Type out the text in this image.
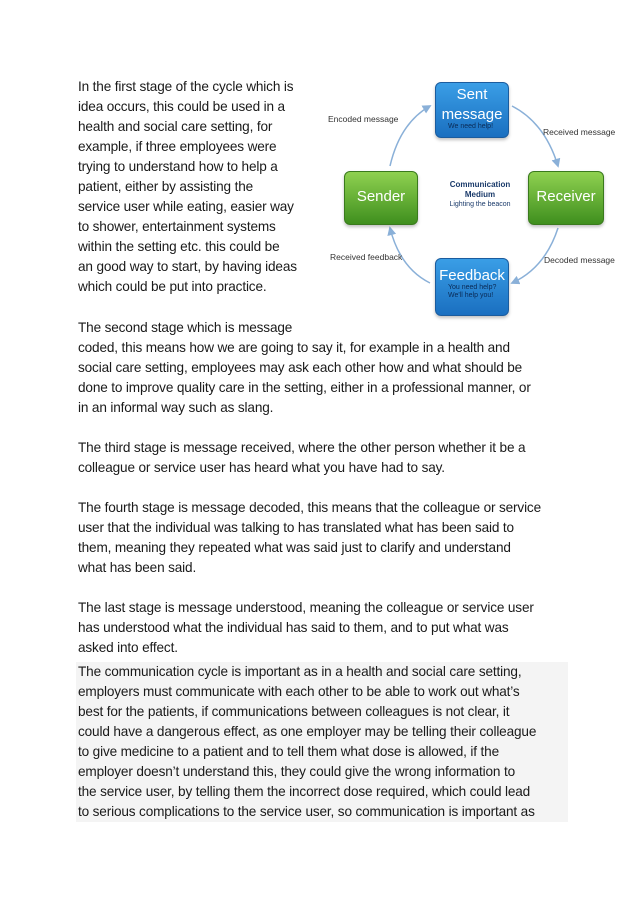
In the first stage of the cycle which is
idea occurs, this could be used in a
health and social care setting, for
example, if three employees were
trying to understand how to help a
patient, either by assisting the
service user while eating, easier way
to shower, entertainment systems
within the setting etc. this could be
an good way to start, by having ideas
which could be put into practice.
Encoded message
Received message
Decoded message
Received feedback
Sent
message
We need help!
Sender
Communication
Medium
Lighting the beacon	Receiver
Feedback
You need help?
We'll help you!
The second stage which is message
coded, this means how we are going to say it, for example in a health and
social care setting, employees may ask each other how and what should be
done to improve quality care in the setting, either in a professional manner, or
in an informal way such as slang.
The third stage is message received, where the other person whether it be a
colleague or service user has heard what you have had to say.
The fourth stage is message decoded, this means that the colleague or service
user that the individual was talking to has translated what has been said to
them, meaning they repeated what was said just to clarify and understand
what has been said.
The last stage is message understood, meaning the colleague or service user
has understood what the individual has said to them, and to put what was
asked into effect.
The communication cycle is important as in a health and social care setting,
employers must communicate with each other to be able to work out what’s
best for the patients, if communications between colleagues is not clear, it
could have a dangerous effect, as one employer may be telling their colleague
to give medicine to a patient and to tell them what dose is allowed, if the
employer doesn’t understand this, they could give the wrong information to
the service user, by telling them the incorrect dose required, which could lead
to serious complications to the service user, so communication is important as
